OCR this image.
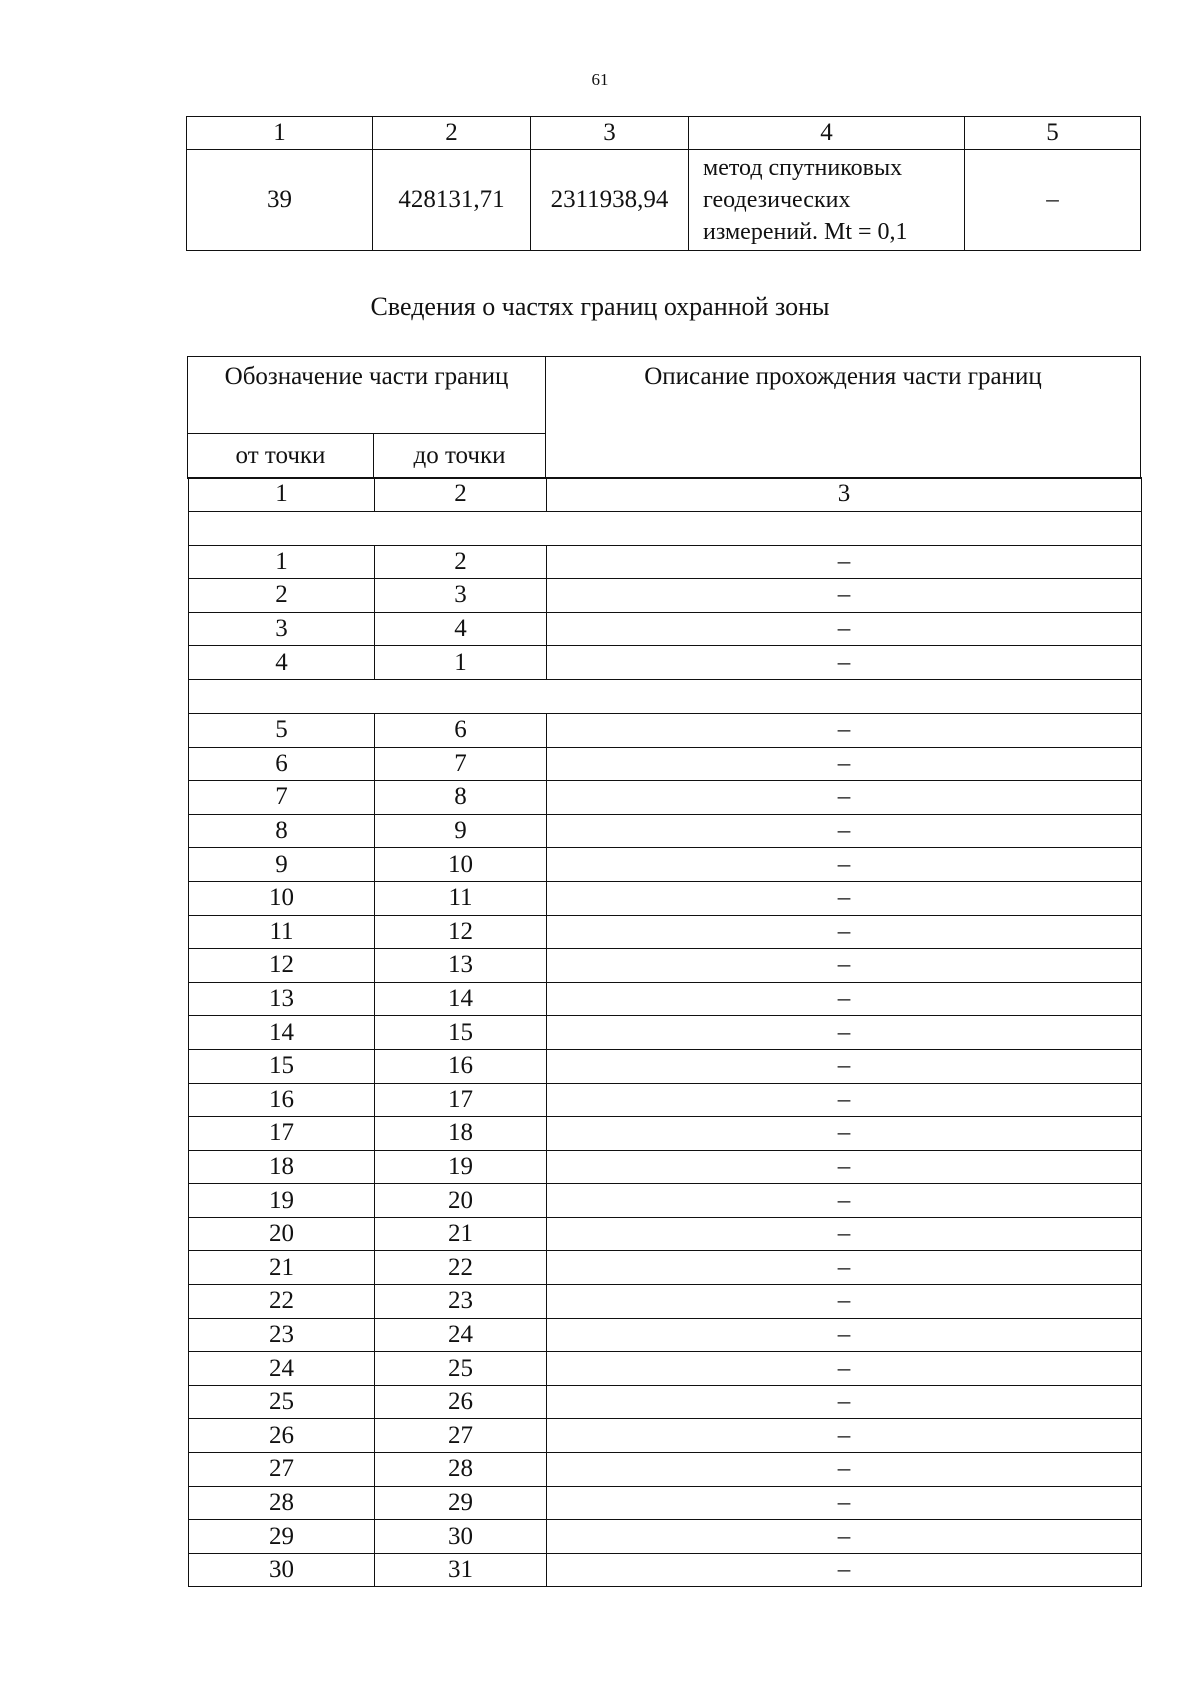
61
1	2	3	4	5
39	428131,71	2311938,94	метод спутниковых
геодезических
измерений. Mt = 0,1	–
Сведения о частях границ охранной зоны
Обозначение части границ		Описание прохождения части границ
от точки	до точки	
1	2	3

1	2	–
2	3	–
3	4	–
4	1	–

5	6	–
6	7	–
7	8	–
8	9	–
9	10	–
10	11	–
11	12	–
12	13	–
13	14	–
14	15	–
15	16	–
16	17	–
17	18	–
18	19	–
19	20	–
20	21	–
21	22	–
22	23	–
23	24	–
24	25	–
25	26	–
26	27	–
27	28	–
28	29	–
29	30	–
30	31	–
